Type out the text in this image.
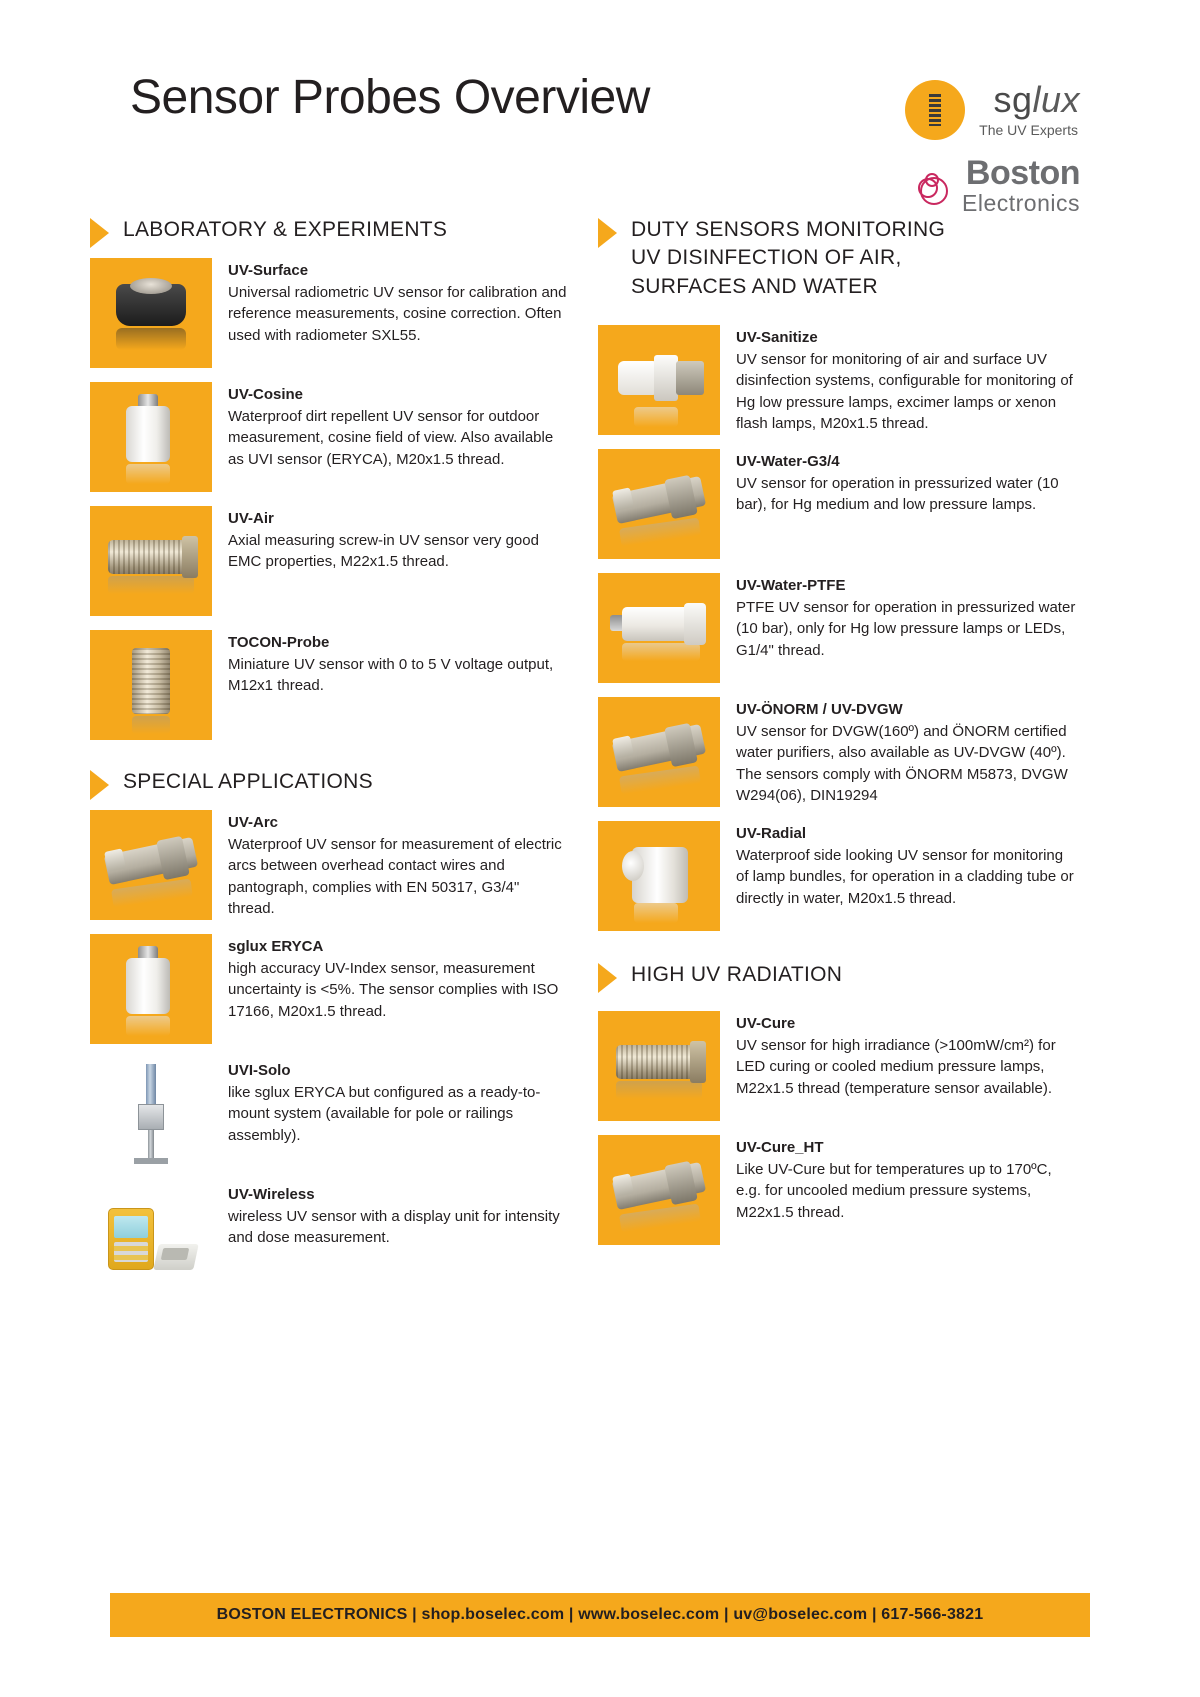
Sensor Probes Overview	sglux
The UV Experts
Boston
Electronics
LABORATORY & EXPERIMENTS
UV-Surface
Universal radiometric UV sensor for calibration and reference measurements, cosine correction. Often used with radiometer SXL55.
UV-Cosine
Waterproof dirt repellent UV sensor for outdoor measurement, cosine field of view. Also available as UVI sensor (ERYCA), M20x1.5 thread.
UV-Air
Axial measuring screw-in UV sensor very good EMC properties, M22x1.5 thread.
TOCON-Probe
Miniature UV sensor with 0 to 5 V voltage output, M12x1 thread.
SPECIAL APPLICATIONS
UV-Arc
Waterproof UV sensor for measurement of electric arcs between overhead contact wires and pantograph, complies with EN 50317, G3/4" thread.
sglux ERYCA
high accuracy UV-Index sensor, measurement uncertainty is <5%. The sensor complies with ISO 17166, M20x1.5 thread.
UVI-Solo
like sglux ERYCA but configured as a ready-to-mount system (available for pole or railings assembly).
UV-Wireless
wireless UV sensor with a display unit for intensity and dose measurement.
DUTY SENSORS MONITORING UV DISINFECTION OF AIR, SURFACES AND WATER
UV-Sanitize
UV sensor for monitoring of air and surface UV disinfection systems, configurable for monitoring of Hg low pressure lamps, excimer lamps or xenon flash lamps, M20x1.5 thread.
UV-Water-G3/4
UV sensor for operation in pressurized water (10 bar), for Hg medium and low pressure lamps.
UV-Water-PTFE
PTFE UV sensor for operation in pressurized water (10 bar), only for Hg low pressure lamps or LEDs, G1/4" thread.
UV-ÖNORM / UV-DVGW
UV sensor for DVGW(160º) and ÖNORM certified water purifiers, also available as UV-DVGW (40º). The sensors comply with ÖNORM M5873, DVGW W294(06), DIN19294
UV-Radial
Waterproof side looking UV sensor for monitoring of lamp bundles, for operation in a cladding tube or directly in water, M20x1.5 thread.
HIGH UV RADIATION
UV-Cure
UV sensor for high irradiance (>100mW/cm²) for LED curing or cooled medium pressure lamps, M22x1.5 thread (temperature sensor available).
UV-Cure_HT
Like UV-Cure but for temperatures up to 170ºC, e.g. for uncooled medium pressure systems, M22x1.5 thread.
BOSTON ELECTRONICS | shop.boselec.com | www.boselec.com | uv@boselec.com | 617-566-3821
